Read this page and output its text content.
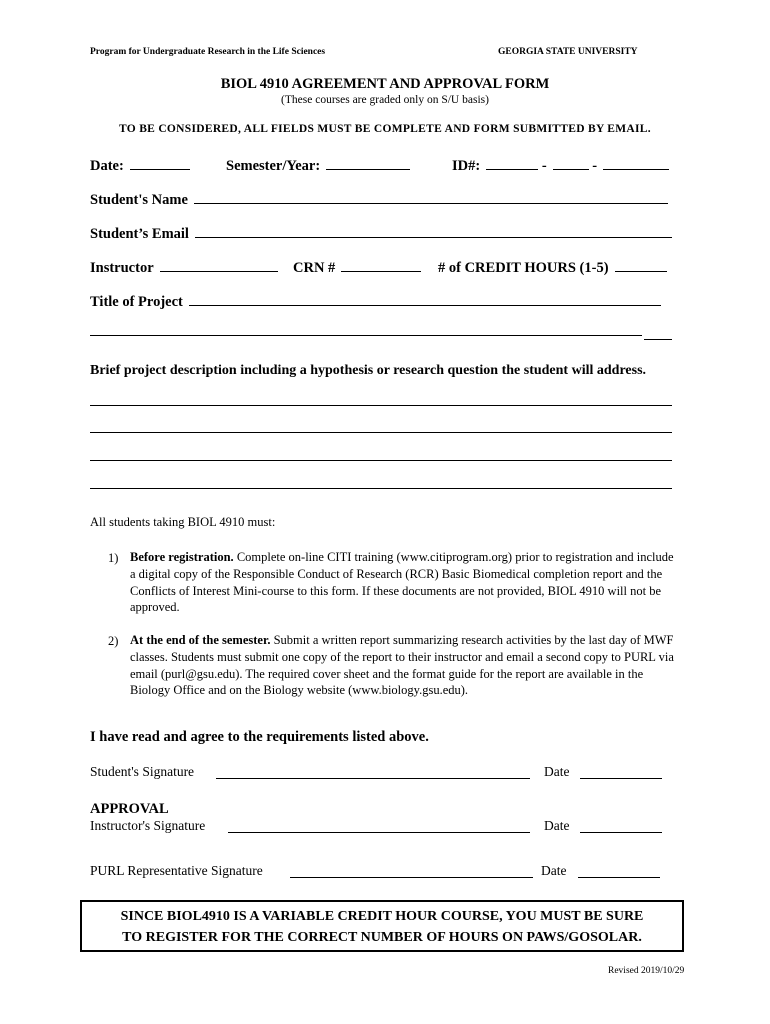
Program for Undergraduate Research in the Life Sciences	GEORGIA STATE UNIVERSITY
BIOL 4910 AGREEMENT AND APPROVAL FORM
(These courses are graded only on S/U basis)
TO BE CONSIDERED, ALL FIELDS MUST BE COMPLETE AND FORM SUBMITTED BY EMAIL.
Date:	Semester/Year:	ID#:	-	-
Student's Name
Student’s Email
Instructor	CRN #	# of CREDIT HOURS (1-5)
Title of Project
Brief project description including a hypothesis or research question the student will address.
All students taking BIOL 4910 must:
1) Before registration. Complete on-line CITI training (www.citiprogram.org) prior to registration and include a digital copy of the Responsible Conduct of Research (RCR) Basic Biomedical completion report and the Conflicts of Interest Mini-course to this form. If these documents are not provided, BIOL 4910 will not be approved.
2) At the end of the semester. Submit a written report summarizing research activities by the last day of MWF classes. Students must submit one copy of the report to their instructor and email a second copy to PURL via email (purl@gsu.edu). The required cover sheet and the format guide for the report are available in the Biology Office and on the Biology website (www.biology.gsu.edu).
I have read and agree to the requirements listed above.
Student's Signature	Date
APPROVAL
Instructor's Signature	Date
PURL Representative Signature	Date
SINCE BIOL4910 IS A VARIABLE CREDIT HOUR COURSE, YOU MUST BE SURE
TO REGISTER FOR THE CORRECT NUMBER OF HOURS ON PAWS/GOSOLAR.
Revised 2019/10/29
